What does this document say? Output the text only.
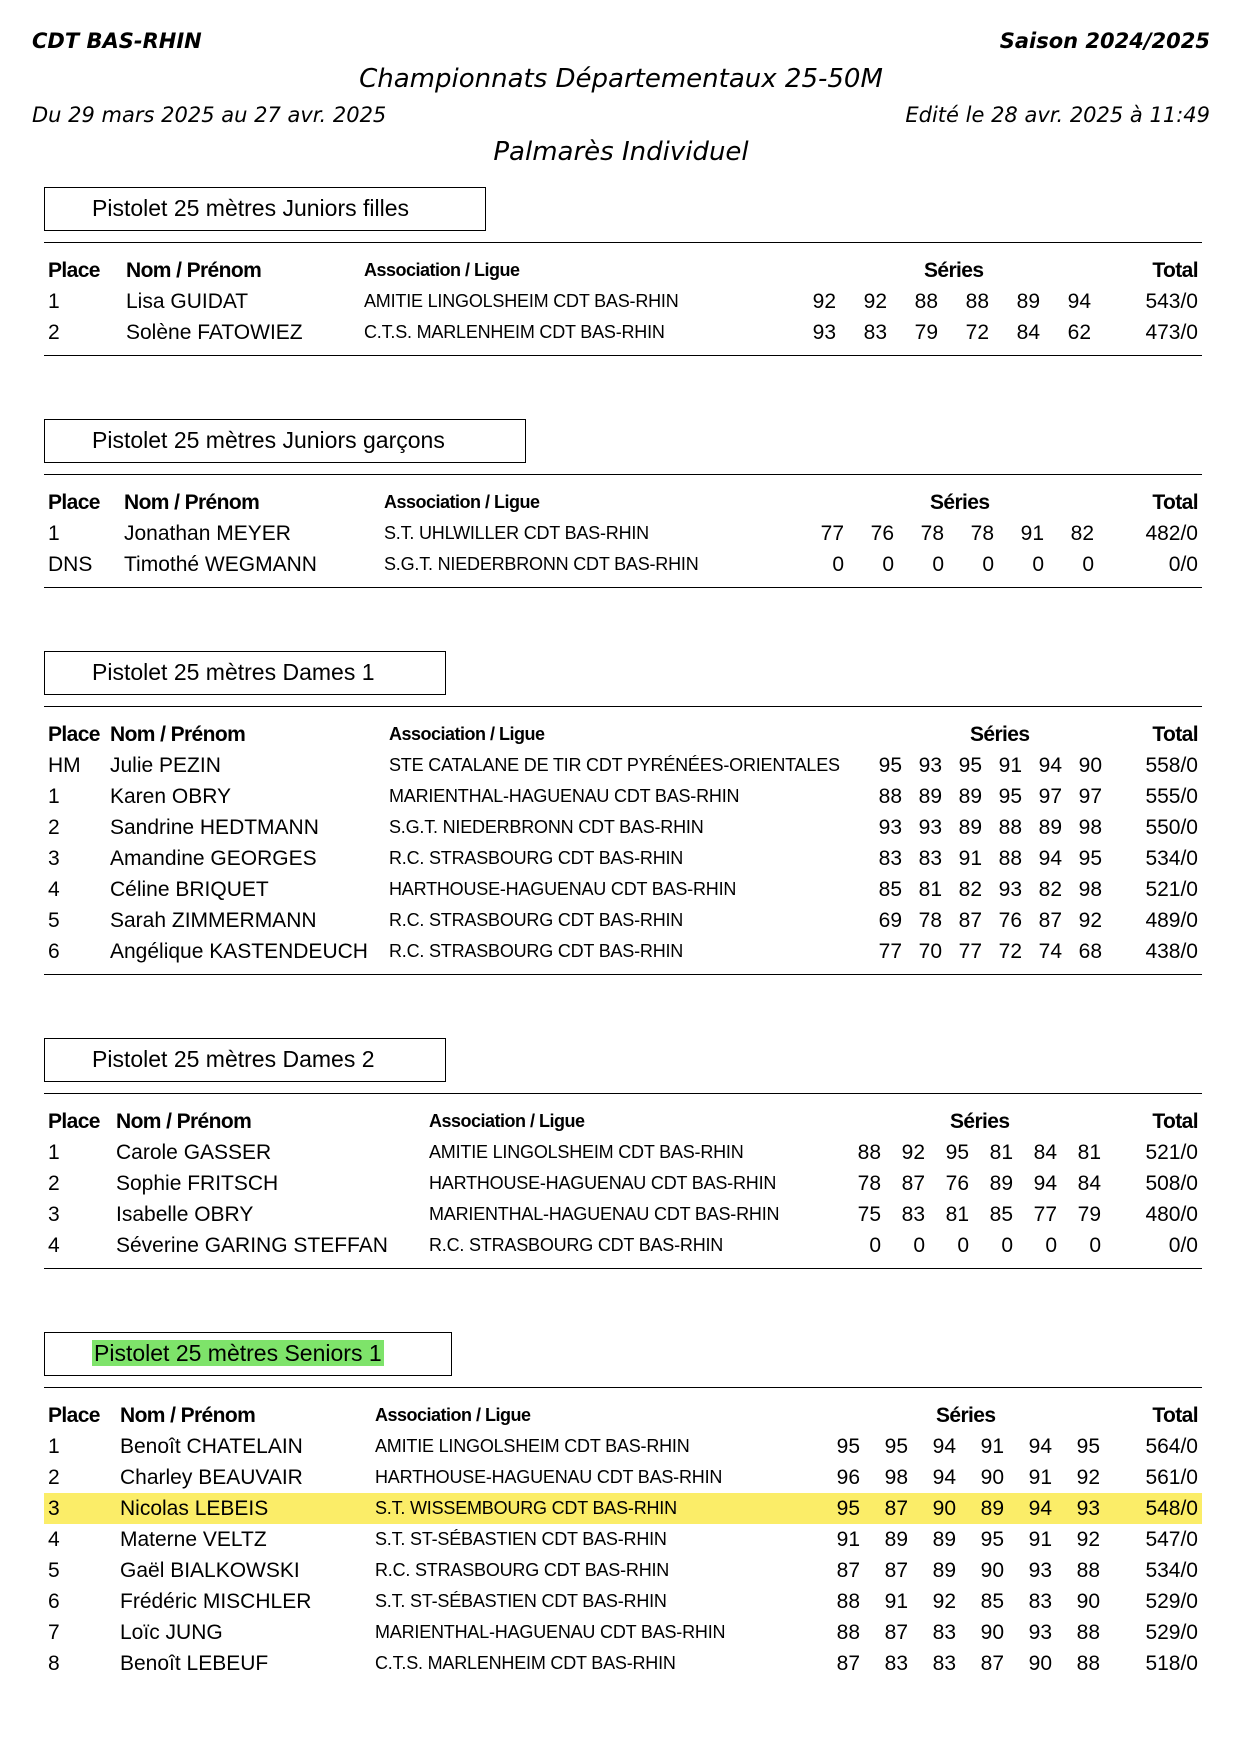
CDT BAS-RHIN	Saison 2024/2025
Championnats Départementaux 25-50M
Du 29 mars 2025 au 27 avr. 2025	Edité le 28 avr. 2025 à 11:49
Palmarès Individuel
Pistolet 25 mètres Juniors filles
Place Nom / Prénom	Association / Ligue	Séries	Total
1	Lisa GUIDAT	AMITIE LINGOLSHEIM CDT BAS-RHIN	92	92	88	88	89	94	543/0
2	Solène FATOWIEZ	C.T.S. MARLENHEIM CDT BAS-RHIN	93	83	79	72	84	62	473/0
Pistolet 25 mètres Juniors garçons
Place Nom / Prénom	Association / Ligue	Séries	Total
1	Jonathan MEYER	S.T. UHLWILLER CDT BAS-RHIN	77	76	78	78	91	82	482/0
DNS Timothé WEGMANN	S.G.T. NIEDERBRONN CDT BAS-RHIN	0	0	0	0	0	0	0/0
Pistolet 25 mètres Dames 1
Place Nom / Prénom	Association / Ligue	Séries	Total
HM Julie PEZIN	STE CATALANE DE TIR CDT PYRÉNÉES-ORIENTALES	95 93 95 91 94 90	558/0
1 Karen OBRY	MARIENTHAL-HAGUENAU CDT BAS-RHIN	88 89 89 95 97 97	555/0
2 Sandrine HEDTMANN	S.G.T. NIEDERBRONN CDT BAS-RHIN	93 93 89 88 89 98	550/0
3 Amandine GEORGES	R.C. STRASBOURG CDT BAS-RHIN	83 83 91 88 94 95	534/0
4 Céline BRIQUET	HARTHOUSE-HAGUENAU CDT BAS-RHIN	85 81 82 93 82 98	521/0
5 Sarah ZIMMERMANN	R.C. STRASBOURG CDT BAS-RHIN	69 78 87 76 87 92	489/0
6 Angélique KASTENDEUCH R.C. STRASBOURG CDT BAS-RHIN	77 70 77 72 74 68	438/0
Pistolet 25 mètres Dames 2
Place Nom / Prénom	Association / Ligue	Séries	Total
1	Carole GASSER	AMITIE LINGOLSHEIM CDT BAS-RHIN	88 92 95 81 84 81	521/0
2	Sophie FRITSCH	HARTHOUSE-HAGUENAU CDT BAS-RHIN	78 87 76 89 94 84	508/0
3	Isabelle OBRY	MARIENTHAL-HAGUENAU CDT BAS-RHIN	75 83 81 85 77 79	480/0
4	Séverine GARING STEFFAN R.C. STRASBOURG CDT BAS-RHIN	0	0	0	0	0	0	0/0
Pistolet 25 mètres Seniors 1
Place Nom / Prénom	Association / Ligue	Séries	Total
1	Benoît CHATELAIN	AMITIE LINGOLSHEIM CDT BAS-RHIN	95	95	94	91	94	95	564/0
2	Charley BEAUVAIR	HARTHOUSE-HAGUENAU CDT BAS-RHIN	96	98	94	90	91	92	561/0
3	Nicolas LEBEIS	S.T. WISSEMBOURG CDT BAS-RHIN	95	87	90	89	94	93	548/0
4	Materne VELTZ	S.T. ST-SÉBASTIEN CDT BAS-RHIN	91	89	89	95	91	92	547/0
5	Gaël BIALKOWSKI	R.C. STRASBOURG CDT BAS-RHIN	87	87	89	90	93	88	534/0
6	Frédéric MISCHLER	S.T. ST-SÉBASTIEN CDT BAS-RHIN	88	91	92	85	83	90	529/0
7	Loïc JUNG	MARIENTHAL-HAGUENAU CDT BAS-RHIN	88	87	83	90	93	88	529/0
8	Benoît LEBEUF	C.T.S. MARLENHEIM CDT BAS-RHIN	87	83	83	87	90	88	518/0
